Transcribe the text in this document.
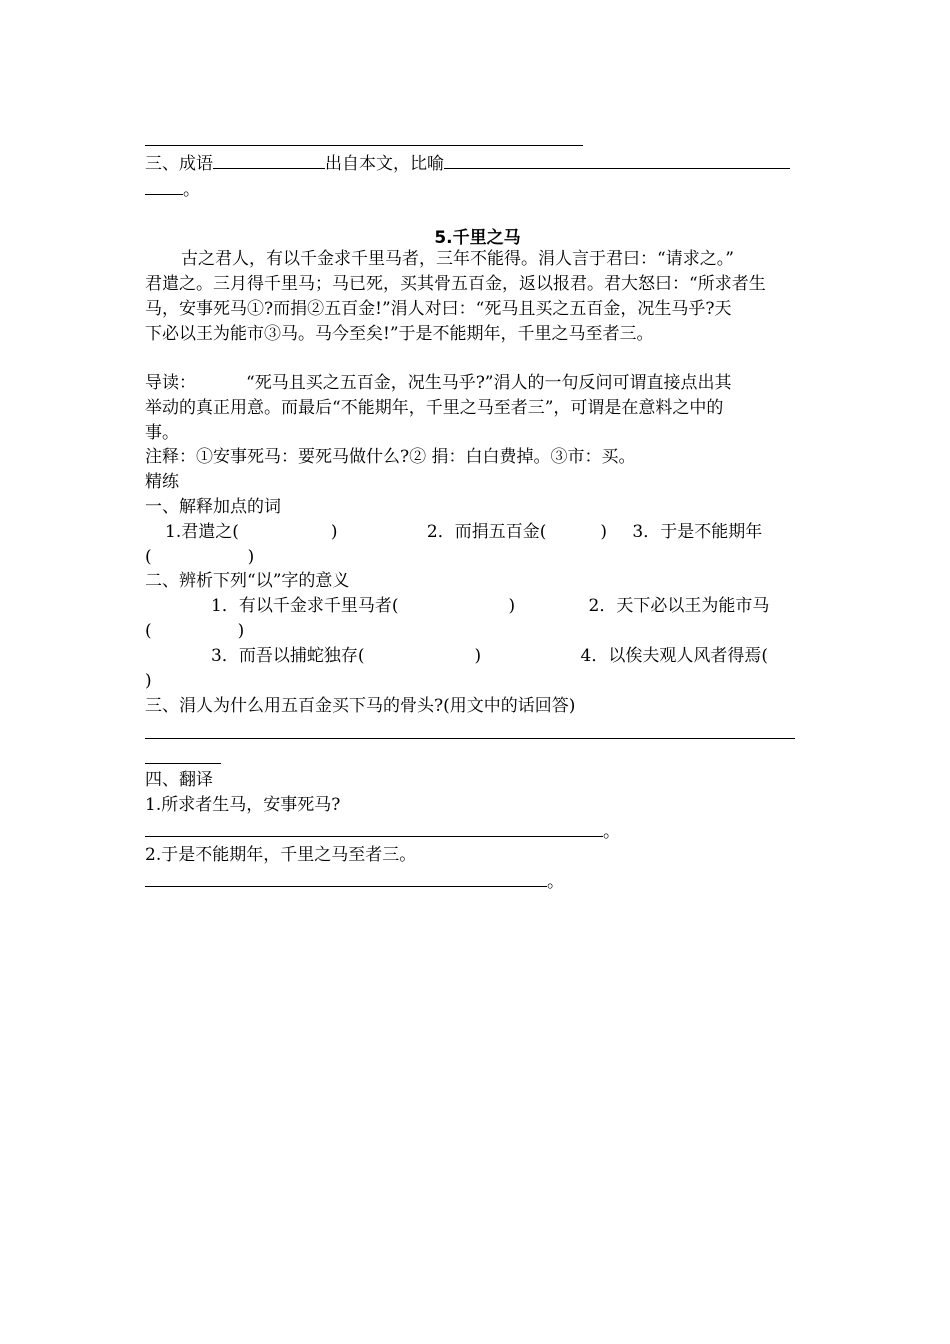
三、成语	出自本文，比喻
。
5.千里之马
古之君人，有以千金求千里马者，三年不能得。涓人言于君曰：“请求之。”
君遣之。三月得千里马；马已死，买其骨五百金，返以报君。君大怒曰：“所求者生
马，安事死马①?而捐②五百金!”涓人对曰：“死马且买之五百金，况生马乎?天
下必以王为能市③马。马今至矣!”于是不能期年，千里之马至者三。
导读：	“死马且买之五百金，况生马乎?”涓人的一句反问可谓直接点出其
举动的真正用意。而最后“不能期年，千里之马至者三”，可谓是在意料之中的
事。
注释：①安事死马：要死马做什么?② 捐：白白费掉。③市：买。
精练
一、解释加点的词
1.君遣之(	)	2．而捐五百金(	) 3．于是不能期年
(	)
二、辨析下列“以”字的意义
1．有以千金求千里马者(	)	2．天下必以王为能市马
(	)
3．而吾以捕蛇独存(	)	4．以俟夫观人风者得焉(
)
三、涓人为什么用五百金买下马的骨头?(用文中的话回答)
四、翻译
1.所求者生马，安事死马?
。
2.于是不能期年，千里之马至者三。
。
